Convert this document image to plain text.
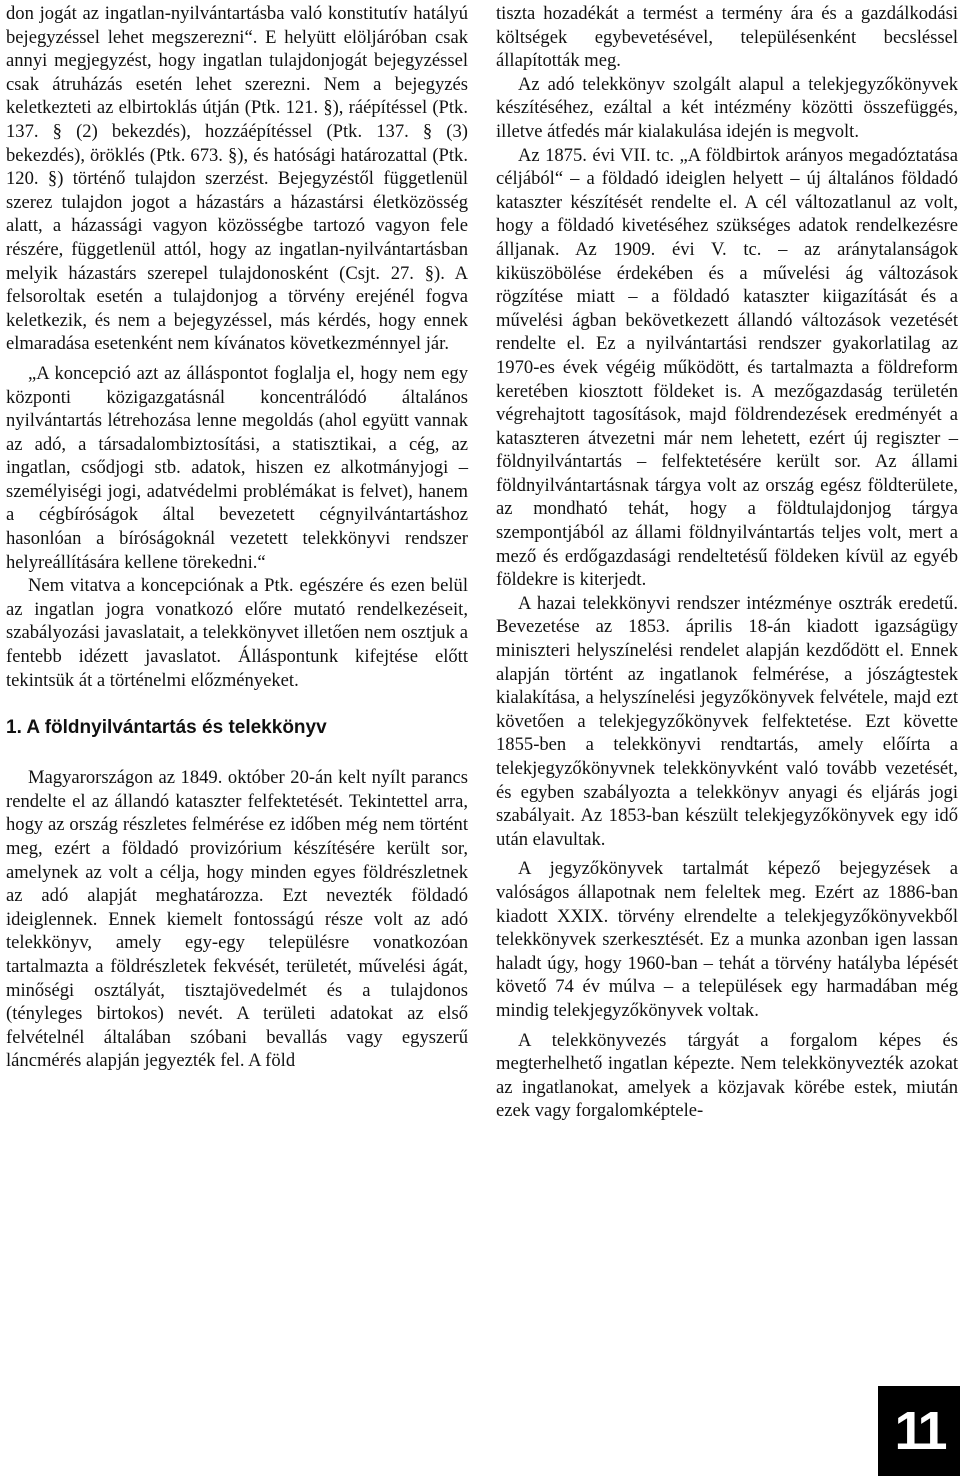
don jogát az ingatlan-nyilvántartásba való konstitutív hatályú bejegyzéssel lehet megszerezni“. E helyütt elöljáróban csak annyi megjegyzést, hogy ingatlan tulajdonjogát bejegyzéssel csak átruházás esetén lehet szerezni. Nem a bejegyzés keletkezteti az elbirtoklás útján (Ptk. 121. §), ráépítéssel (Ptk. 137. § (2) bekezdés), hozzáépítéssel (Ptk. 137. § (3) bekezdés), öröklés (Ptk. 673. §), és hatósági határozattal (Ptk. 120. §) történő tulajdon szerzést. Bejegyzéstől függetlenül szerez tulajdon jogot a házastárs a házastársi életközösség alatt, a házassági vagyon közösségbe tartozó vagyon fele részére, függetlenül attól, hogy az ingatlan-nyilvántartásban melyik házastárs szerepel tulajdonosként (Csjt. 27. §). A felsoroltak esetén a tulajdonjog a törvény erejénél fogva keletkezik, és nem a bejegyzéssel, más kérdés, hogy ennek elmaradása esetenként nem kívánatos következménnyel jár.

„A koncepció azt az álláspontot foglalja el, hogy nem egy központi közigazgatásnál koncentrálódó általános nyilvántartás létrehozása lenne megoldás (ahol együtt vannak az adó, a társadalombiztosítási, a statisztikai, a cég, az ingatlan, csődjogi stb. adatok, hiszen ez alkotmányjogi – személyiségi jogi, adatvédelmi problémákat is felvet), hanem a cégbíróságok által bevezetett cégnyilvántartáshoz hasonlóan a bíróságoknál vezetett telekkönyvi rendszer helyreállítására kellene törekedni.“

Nem vitatva a koncepciónak a Ptk. egészére és ezen belül az ingatlan jogra vonatkozó előre mutató rendelkezéseit, szabályozási javaslatait, a telekkönyvet illetően nem osztjuk a fentebb idézett javaslatot. Álláspontunk kifejtése előtt tekintsük át a történelmi előzményeket.

1. A földnyilvántartás és telekkönyv

Magyarországon az 1849. október 20-án kelt nyílt parancs rendelte el az állandó kataszter felfektetését. Tekintettel arra, hogy az ország részletes felmérése ez időben még nem történt meg, ezért a földadó provizórium készítésére került sor, amelynek az volt a célja, hogy minden egyes földrészletnek az adó alapját meghatározza. Ezt nevezték földadó ideiglennek. Ennek kiemelt fontosságú része volt az adó telekkönyv, amely egy-egy településre vonatkozóan tartalmazta a földrészletek fekvését, területét, művelési ágát, minőségi osztályát, tisztajövedelmét és a tulajdonos (tényleges birtokos) nevét. A területi adatokat az első felvételnél általában szóbani bevallás vagy egyszerű láncmérés alapján jegyezték fel. A föld

tiszta hozadékát a termést a termény ára és a gazdálkodási költségek egybevetésével, településenként becsléssel állapították meg.

Az adó telekkönyv szolgált alapul a telekjegyzőkönyvek készítéséhez, ezáltal a két intézmény közötti összefüggés, illetve átfedés már kialakulása idején is megvolt.

Az 1875. évi VII. tc. „A földbirtok arányos megadóztatása céljából“ – a földadó ideiglen helyett – új általános földadó kataszter készítését rendelte el. A cél változatlanul az volt, hogy a földadó kivetéséhez szükséges adatok rendelkezésre álljanak. Az 1909. évi V. tc. – az aránytalanságok kiküszöbölése érdekében és a művelési ág változások rögzítése miatt – a földadó kataszter kiigazítását és a művelési ágban bekövetkezett állandó változások vezetését rendelte el. Ez a nyilvántartási rendszer gyakorlatilag az 1970-es évek végéig működött, és tartalmazta a földreform keretében kiosztott földeket is. A mezőgazdaság területén végrehajtott tagosítások, majd földrendezések eredményét a kataszteren átvezetni már nem lehetett, ezért új regiszter – földnyilvántartás – felfektetésére került sor. Az állami földnyilvántartásnak tárgya volt az ország egész földterülete, az mondható tehát, hogy a földtulajdonjog tárgya szempontjából az állami földnyilvántartás teljes volt, mert a mező és erdőgazdasági rendeltetésű földeken kívül az egyéb földekre is kiterjedt.

A hazai telekkönyvi rendszer intézménye osztrák eredetű. Bevezetése az 1853. április 18-án kiadott igazságügy miniszteri helyszínelési rendelet alapján kezdődött el. Ennek alapján történt az ingatlanok felmérése, a jószágtestek kialakítása, a helyszínelési jegyzőkönyvek felvétele, majd ezt követően a telekjegyzőkönyvek felfektetése. Ezt követte 1855-ben a telekkönyvi rendtartás, amely előírta a telekjegyzőkönyvnek telekkönyvként való tovább vezetését, és egyben szabályozta a telekkönyv anyagi és eljárás jogi szabályait. Az 1853-ban készült telekjegyzőkönyvek egy idő után elavultak.

A jegyzőkönyvek tartalmát képező bejegyzések a valóságos állapotnak nem feleltek meg. Ezért az 1886-ban kiadott XXIX. törvény elrendelte a telekjegyzőkönyvekből telekkönyvek szerkesztését. Ez a munka azonban igen lassan haladt úgy, hogy 1960-ban – tehát a törvény hatályba lépését követő 74 év múlva – a települések egy harmadában még mindig telekjegyzőkönyvek voltak.

A telekkönyvezés tárgyát a forgalom képes és megterhelhető ingatlan képezte. Nem telekkönyvezték azokat az ingatlanokat, amelyek a közjavak körébe estek, miután ezek vagy forgalomképtele-

11
